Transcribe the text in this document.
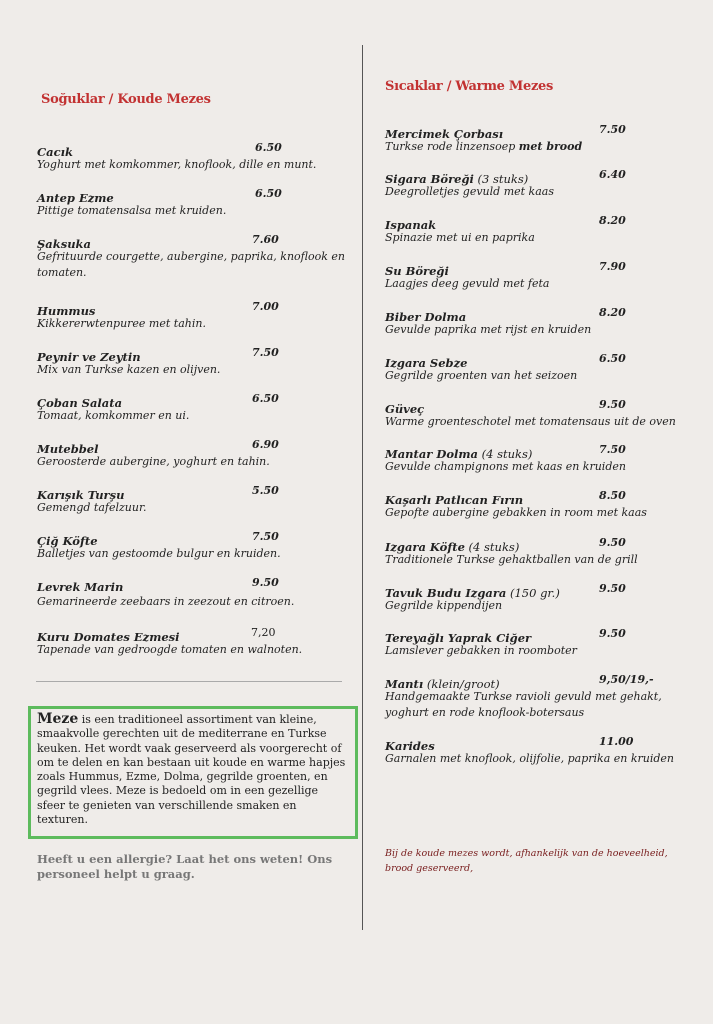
Soğuklar / Koude Mezes
Cacık	6.50
Yoghurt met komkommer, knoflook, dille en munt.
Antep Ezme	6.50
Pittige tomatensalsa met kruiden.
Şaksuka	7.60
Gefrituurde courgette, aubergine, paprika, knoflook en
tomaten.
Hummus	7.00
Kikkererwtenpuree met tahin.
Peynir ve Zeytin	7.50
Mix van Turkse kazen en olijven.
Çoban Salata	6.50
Tomaat, komkommer en ui.
Mutebbel	6.90
Geroosterde aubergine, yoghurt en tahin.
Karışık Turşu	5.50
Gemengd tafelzuur.
Çiğ Köfte	7.50
Balletjes van gestoomde bulgur en kruiden.
Levrek Marin	9.50
Gemarineerde zeebaars in zeezout en citroen.
Kuru Domates Ezmesi	7,20
Tapenade van gedroogde tomaten en walnoten.
Meze is een traditioneel assortiment van kleine, smaakvolle gerechten uit de mediterrane en Turkse keuken. Het wordt vaak geserveerd als voorgerecht of om te delen en kan bestaan uit koude en warme hapjes zoals Hummus, Ezme, Dolma, gegrilde groenten, en gegrild vlees. Meze is bedoeld om in een gezellige sfeer te genieten van verschillende smaken en texturen.
Heeft u een allergie? Laat het ons weten! Ons personeel helpt u graag.
Sıcaklar / Warme Mezes
Mercimek Çorbası	7.50
Turkse rode linzensoep met brood
Sigara Böreği (3 stuks)	6.40
Deegrolletjes gevuld met kaas
Ispanak	8.20
Spinazie met ui en paprika
Su Böreği	7.90
Laagjes deeg gevuld met feta
Biber Dolma	8.20
Gevulde paprika met rijst en kruiden
Izgara Sebze	6.50
Gegrilde groenten van het seizoen
Güveç	9.50
Warme groenteschotel met tomatensaus uit de oven
Mantar Dolma (4 stuks)	7.50
Gevulde champignons met kaas en kruiden
Kaşarlı Patlıcan Fırın	8.50
Gepofte aubergine gebakken in room met kaas
Izgara Köfte (4 stuks)	9.50
Traditionele Turkse gehaktballen van de grill
Tavuk Budu Izgara (150 gr.)	9.50
Gegrilde kippendijen
Tereyağlı Yaprak Ciğer	9.50
Lamslever gebakken in roomboter
Mantı (klein/groot)	9,50/19,-
Handgemaakte Turkse ravioli gevuld met gehakt,
yoghurt en rode knoflook-botersaus
Karides	11.00
Garnalen met knoflook, olijfolie, paprika en kruiden
Bij de koude mezes wordt, afhankelijk van de hoeveelheid, brood geserveerd,
